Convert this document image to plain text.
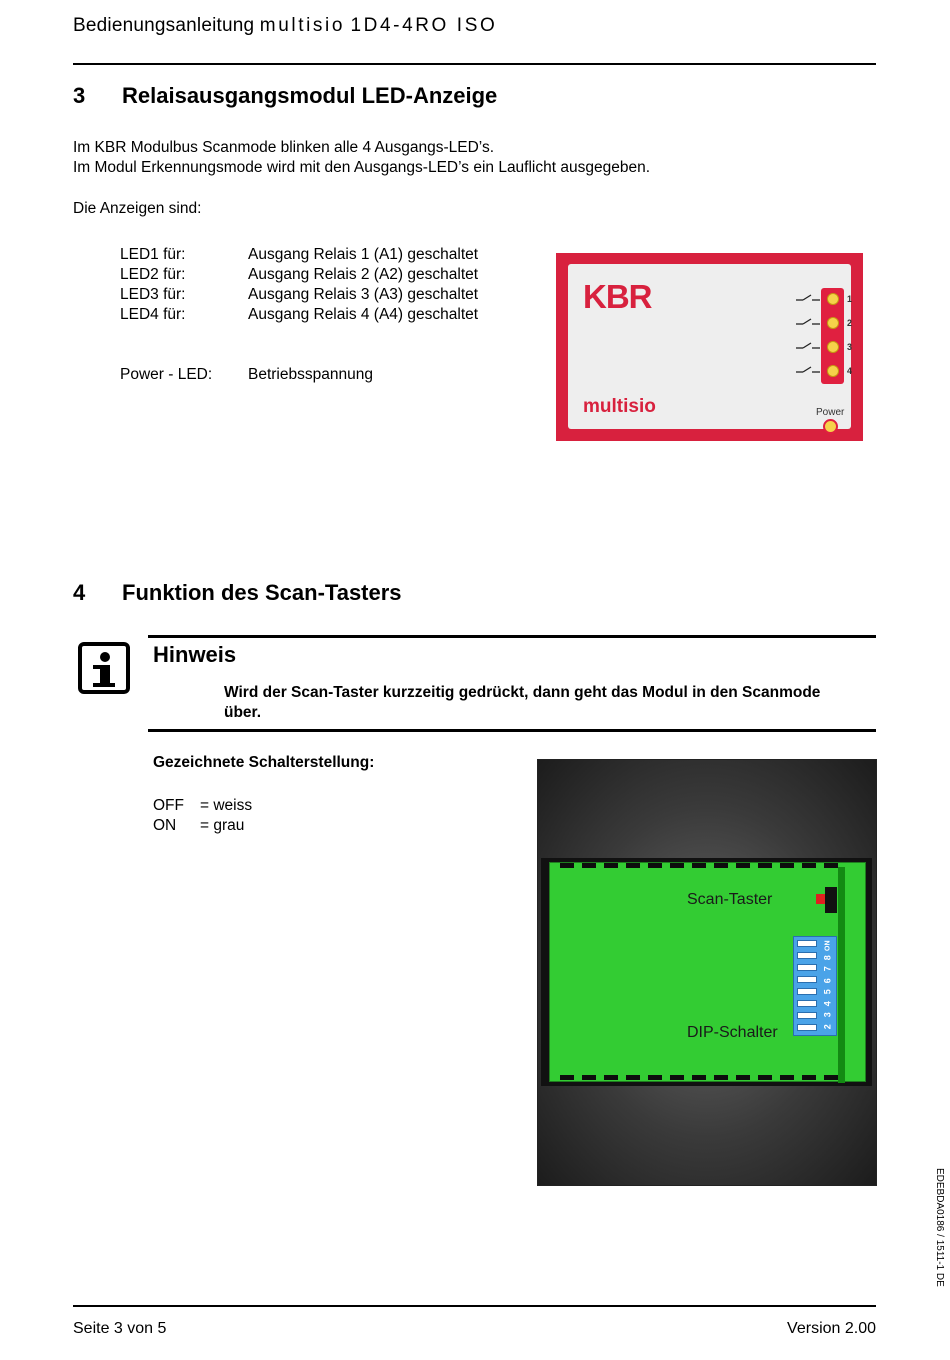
Bedienungsanleitung multisio 1D4-4RO ISO
3 Relaisausgangsmodul LED-Anzeige
Im KBR Modulbus Scanmode blinken alle 4 Ausgangs-LED’s.
Im Modul Erkennungsmode wird mit den Ausgangs-LED’s ein Lauflicht ausgegeben.
Die Anzeigen sind:
LED1 für:	Ausgang Relais 1 (A1) geschaltet
LED2 für:	Ausgang Relais 2 (A2) geschaltet
LED3 für:	Ausgang Relais 3 (A3) geschaltet
LED4 für:	Ausgang Relais 4 (A4) geschaltet
Power - LED: Betriebsspannung
KBR
multisio
1
2
3
4
Power
4 Funktion des Scan-Tasters
Hinweis
Wird der Scan-Taster kurzzeitig gedrückt, dann geht das Modul in den Scanmode
über.
Gezeichnete Schalterstellung:
OFF = weiss
ON = grau
Scan-Taster
DIP-Schalter
ON
8
7
6
5
4
3
2
EDEBDA0186 / 1511-1 DE
Seite 3 von 5	Version 2.00
